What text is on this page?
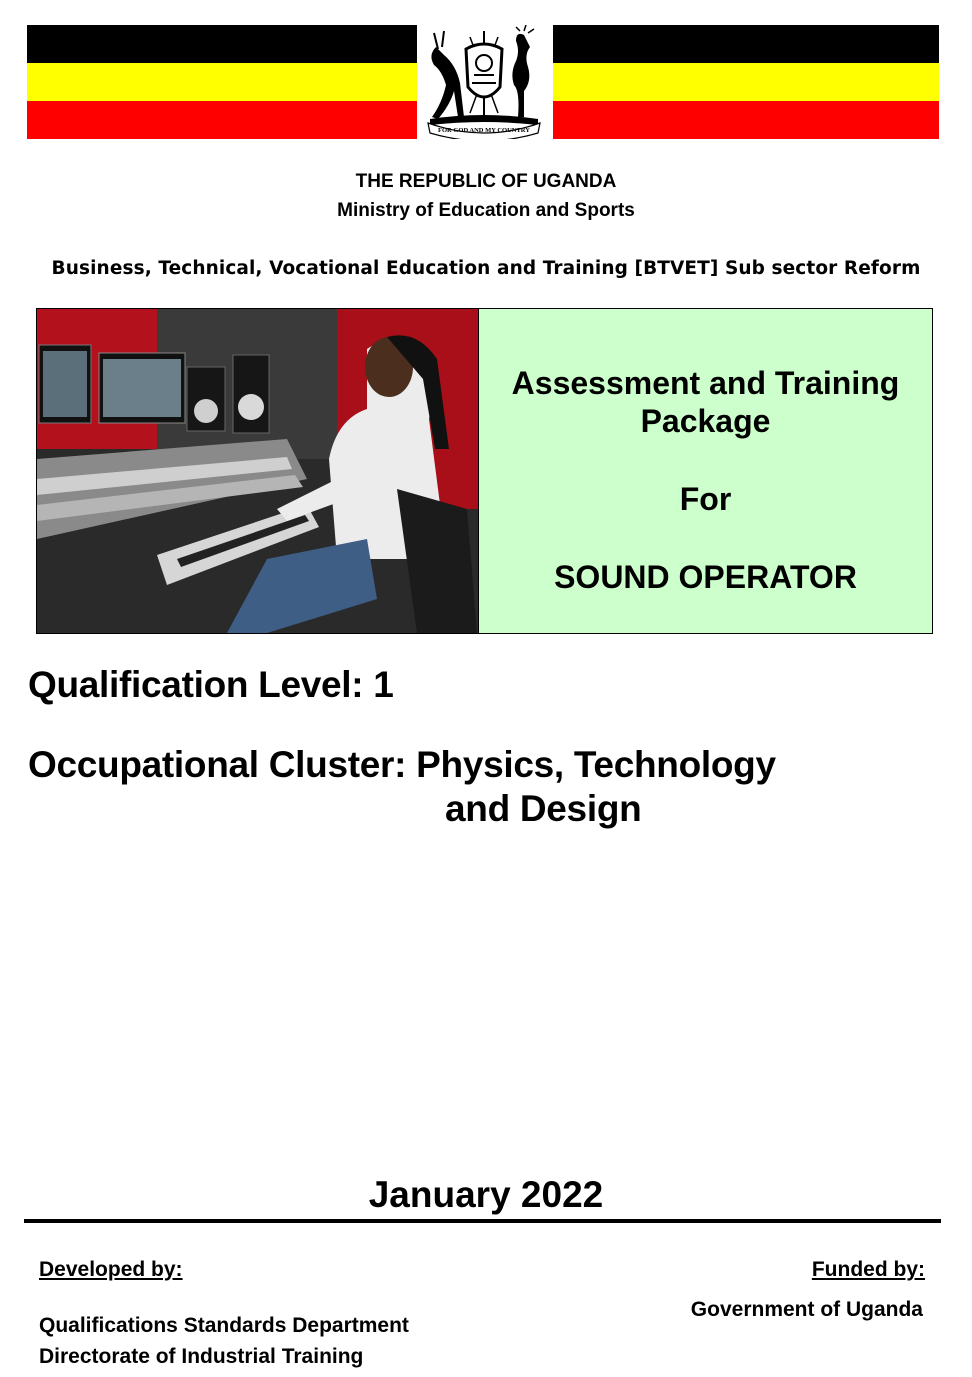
FOR GOD AND MY COUNTRY
THE REPUBLIC OF UGANDA
Ministry of Education and Sports
Business, Technical, Vocational Education and Training [BTVET] Sub sector Reform
Assessment and Training
Package
For
SOUND OPERATOR
Qualification Level: 1
Occupational Cluster: Physics, Technology
and Design
January 2022
Developed by:
Qualifications Standards Department
Directorate of Industrial Training
Funded by:
Government of Uganda
